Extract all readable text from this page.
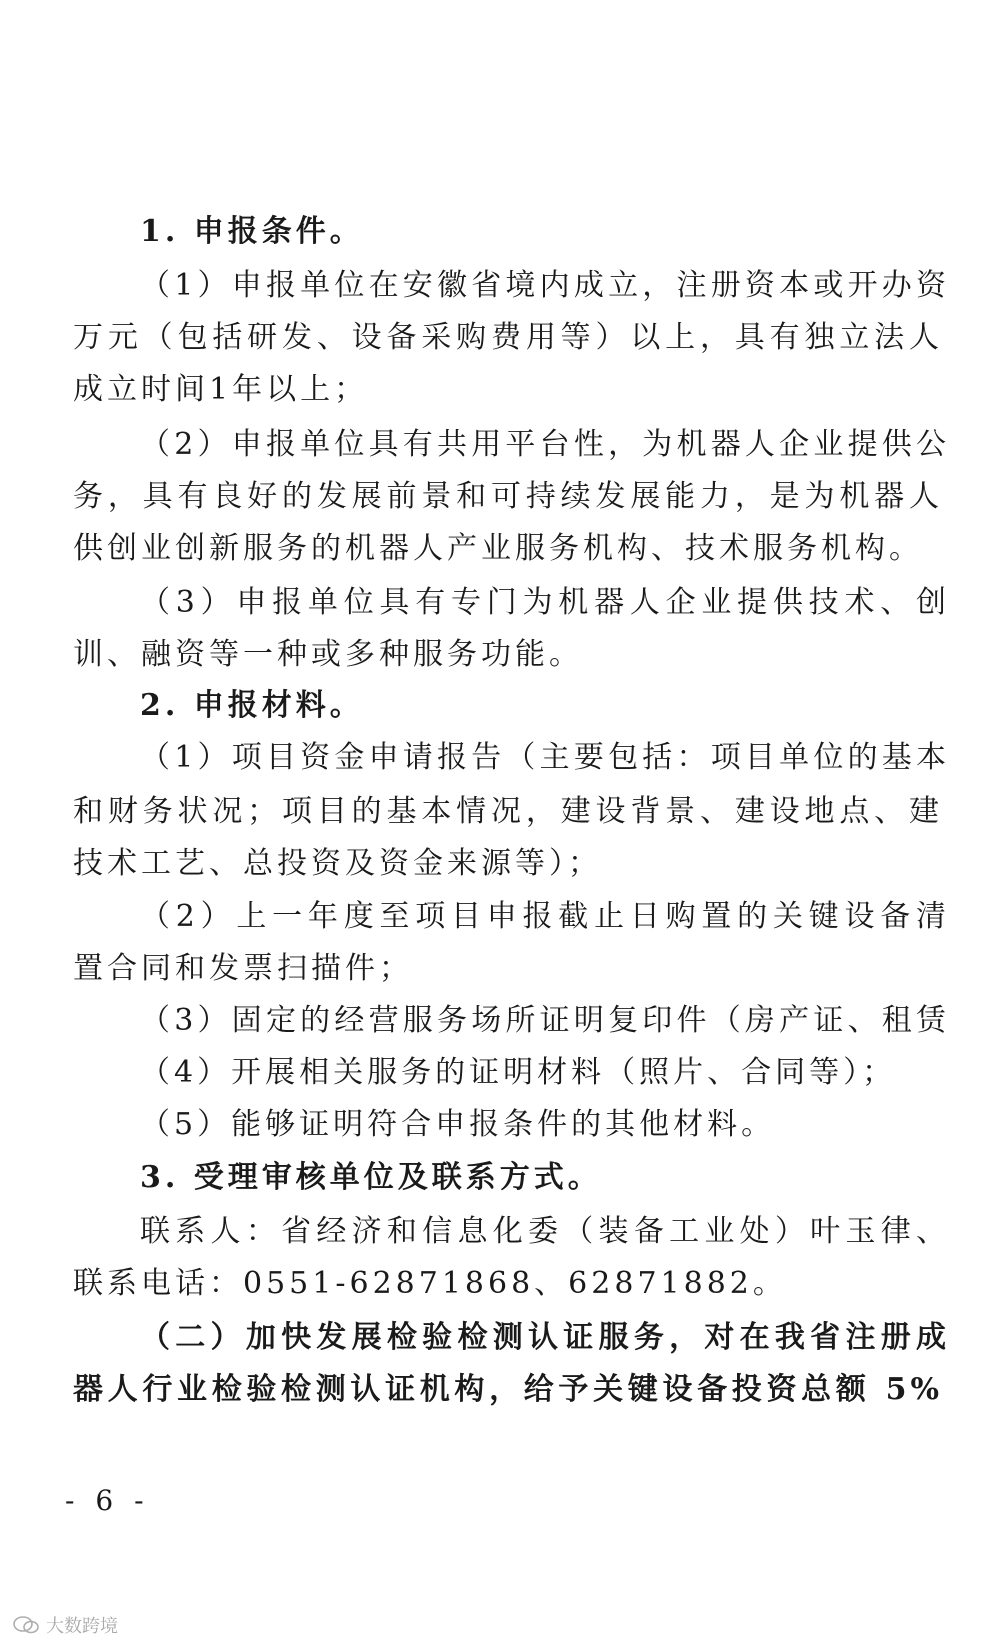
1. 申报条件。
（1）申报单位在安徽省境内成立，注册资本或开办资
万元（包括研发、设备采购费用等）以上，具有独立法人
成立时间1年以上；
（2）申报单位具有共用平台性，为机器人企业提供公
务，具有良好的发展前景和可持续发展能力，是为机器人
供创业创新服务的机器人产业服务机构、技术服务机构。
（3）申报单位具有专门为机器人企业提供技术、创
训、融资等一种或多种服务功能。
2. 申报材料。
（1）项目资金申请报告（主要包括：项目单位的基本
和财务状况；项目的基本情况，建设背景、建设地点、建
技术工艺、总投资及资金来源等）；
（2）上一年度至项目申报截止日购置的关键设备清
置合同和发票扫描件；
（3）固定的经营服务场所证明复印件（房产证、租赁
（4）开展相关服务的证明材料（照片、合同等）；
（5）能够证明符合申报条件的其他材料。
3. 受理审核单位及联系方式。
联系人：省经济和信息化委（装备工业处）叶玉律、
联系电话：0551-62871868、62871882。
（二）加快发展检验检测认证服务，对在我省注册成
器人行业检验检测认证机构，给予关键设备投资总额 5%
- 6 -
大数跨境
